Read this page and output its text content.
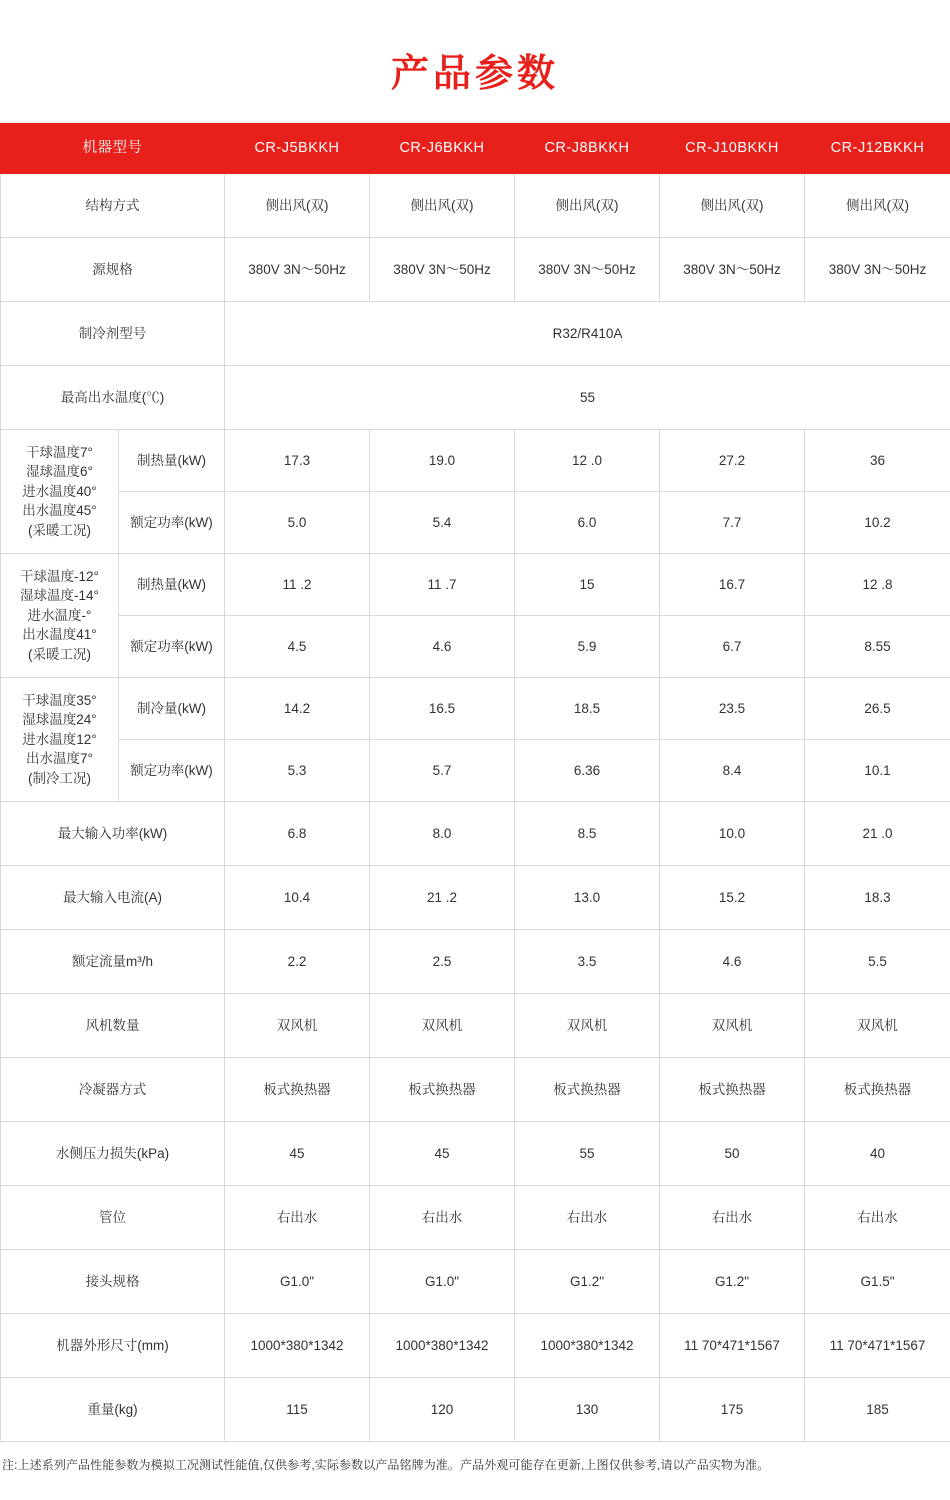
产品参数
机器型号		CR-J5BKKH	CR-J6BKKH	CR-J8BKKH	CR-J10BKKH	CR-J12BKKH
结构方式		侧出风(双)	侧出风(双)	侧出风(双)	侧出风(双)	侧出风(双)
源规格		380V 3N～50Hz	380V 3N～50Hz	380V 3N～50Hz	380V 3N～50Hz	380V 3N～50Hz
制冷剂型号		R32/R410A				
最高出水温度(℃)		55				
干球温度7°
湿球温度6°
进水温度40°
出水温度45°
(采暖工况)	制热量(kW)	17.3	19.0	12 .0	27.2	36
	额定功率(kW)	5.0	5.4	6.0	7.7	10.2
干球温度-12°
湿球温度-14°
进水温度-°
出水温度41°
(采暖工况)	制热量(kW)	11 .2	11 .7	15	16.7	12 .8
	额定功率(kW)	4.5	4.6	5.9	6.7	8.55
干球温度35°
湿球温度24°
进水温度12°
出水温度7°
(制冷工况)	制冷量(kW)	14.2	16.5	18.5	23.5	26.5
	额定功率(kW)	5.3	5.7	6.36	8.4	10.1
最大输入功率(kW)		6.8	8.0	8.5	10.0	21 .0
最大输入电流(A)		10.4	21 .2	13.0	15.2	18.3
额定流量m³/h		2.2	2.5	3.5	4.6	5.5
风机数量		双风机	双风机	双风机	双风机	双风机
冷凝器方式		板式换热器	板式换热器	板式换热器	板式换热器	板式换热器
水侧压力损失(kPa)		45	45	55	50	40
管位		右出水	右出水	右出水	右出水	右出水
接头规格		G1.0"	G1.0"	G1.2"	G1.2"	G1.5"
机器外形尺寸(mm)		1000*380*1342	1000*380*1342	1000*380*1342	11 70*471*1567	11 70*471*1567
重量(kg)		115	120	130	175	185
注:上述系列产品性能参数为模拟工况测试性能值,仅供参考,实际参数以产品铭牌为准。产品外观可能存在更新,上图仅供参考,请以产品实物为准。
